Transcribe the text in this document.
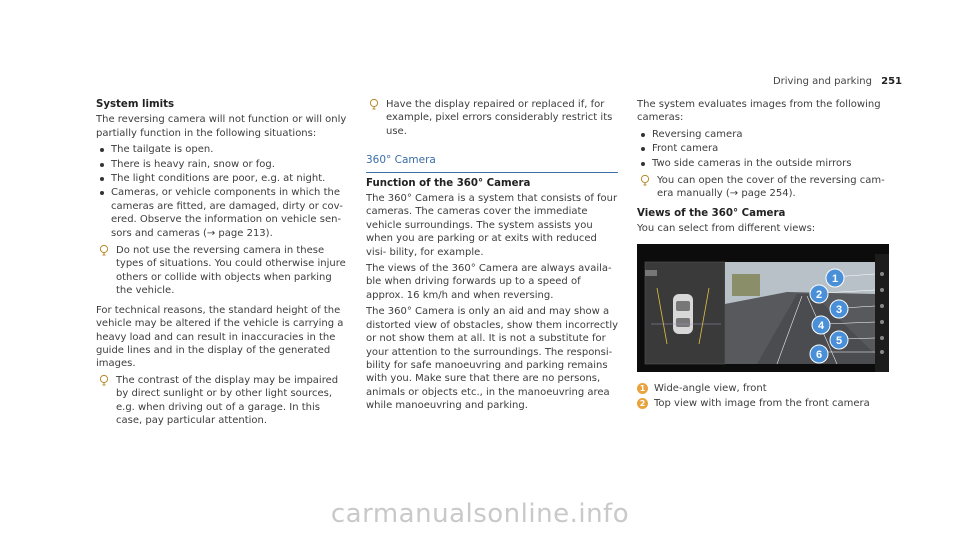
Driving and parking 251
System limits

The reversing camera will not function or will only partially function in the following situations:

The tailgate is open.
There is heavy rain, snow or fog.
The light conditions are poor, e.g. at night.
Cameras, or vehicle components in which the cameras are fitted, are damaged, dirty or cov- ered. Observe the information on vehicle sen- sors and cameras (→ page 213).
Do not use the reversing camera in these types of situations. You could otherwise injure others or collide with objects when parking the vehicle.

For technical reasons, the standard height of the vehicle may be altered if the vehicle is carrying a heavy load and can result in inaccuracies in the guide lines and in the display of the generated images.

The contrast of the display may be impaired by direct sunlight or by other light sources, e.g. when driving out of a garage. In this case, pay particular attention.
Have the display repaired or replaced if, for example, pixel errors considerably restrict its use.
360° Camera
Function of the 360° Camera

The 360° Camera is a system that consists of four cameras. The cameras cover the immediate vehicle surroundings. The system assists you when you are parking or at exits with reduced visi- bility, for example.

The views of the 360° Camera are always availa- ble when driving forwards up to a speed of approx. 16 km/h and when reversing.

The 360° Camera is only an aid and may show a distorted view of obstacles, show them incorrectly or not show them at all. It is not a substitute for your attention to the surroundings. The responsi- bility for safe manoeuvring and parking remains with you. Make sure that there are no persons, animals or objects etc., in the manoeuvring area while manoeuvring and parking.

The system evaluates images from the following cameras:

Reversing camera
Front camera
Two side cameras in the outside mirrors
You can open the cover of the reversing cam- era manually (→ page 254).
Views of the 360° Camera

You can select from different views:

1
2
3
4
5
6
1 Wide-angle view, front
2 Top view with image from the front camera
carmanualsonline.info
